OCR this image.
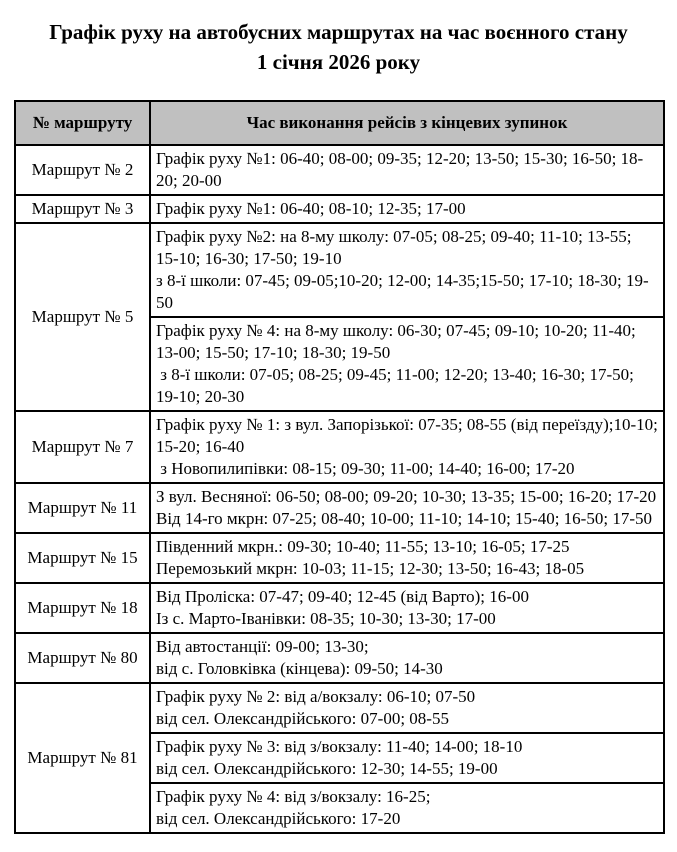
Графік руху на автобусних маршрутах на час воєнного стану
1 січня 2026 року
№ маршруту	Час виконання рейсів з кінцевих зупинок
Маршрут № 2	Графік руху №1: 06-40; 08-00; 09-35; 12-20; 13-50; 15-30; 16-50; 18-20; 20-00

Маршрут № 3	Графік руху №1: 06-40; 08-10; 12-35; 17-00

Маршрут № 5	Графік руху №2: на 8-му школу: 07-05; 08-25; 09-40; 11-10; 13-55; 15-10; 16-30; 17-50; 19-10
з 8-ї школи: 07-45; 09-05;10-20; 12-00; 14-35;15-50; 17-10; 18-30; 19-50

	Графік руху № 4: на 8-му школу: 06-30; 07-45; 09-10; 10-20; 11-40; 13-00; 15-50; 17-10; 18-30; 19-50
з 8-ї школи: 07-05; 08-25; 09-45; 11-00; 12-20; 13-40; 16-30; 17-50; 19-10; 20-30

Маршрут № 7	Графік руху № 1: з вул. Запорізької: 07-35; 08-55 (від переїзду);10-10; 15-20; 16-40
з Новопилипівки: 08-15; 09-30; 11-00; 14-40; 16-00; 17-20

Маршрут № 11	З вул. Весняної: 06-50; 08-00; 09-20; 10-30; 13-35; 15-00; 16-20; 17-20
Від 14-го мкрн: 07-25; 08-40; 10-00; 11-10; 14-10; 15-40; 16-50; 17-50

Маршрут № 15	Південний мкрн.: 09-30; 10-40; 11-55; 13-10; 16-05; 17-25
Перемозький мкрн: 10-03; 11-15; 12-30; 13-50; 16-43; 18-05

Маршрут № 18	Від Проліска: 07-47; 09-40; 12-45 (від Варто); 16-00
Із с. Марто-Іванівки: 08-35; 10-30; 13-30; 17-00

Маршрут № 80	Від автостанції: 09-00; 13-30;
від с. Головківка (кінцева): 09-50; 14-30

Маршрут № 81	Графік руху № 2: від а/вокзалу: 06-10; 07-50
від сел. Олександрійського: 07-00; 08-55

	Графік руху № 3: від з/вокзалу: 11-40; 14-00; 18-10
від сел. Олександрійського: 12-30; 14-55; 19-00

	Графік руху № 4: від з/вокзалу: 16-25;
від сел. Олександрійського: 17-20
